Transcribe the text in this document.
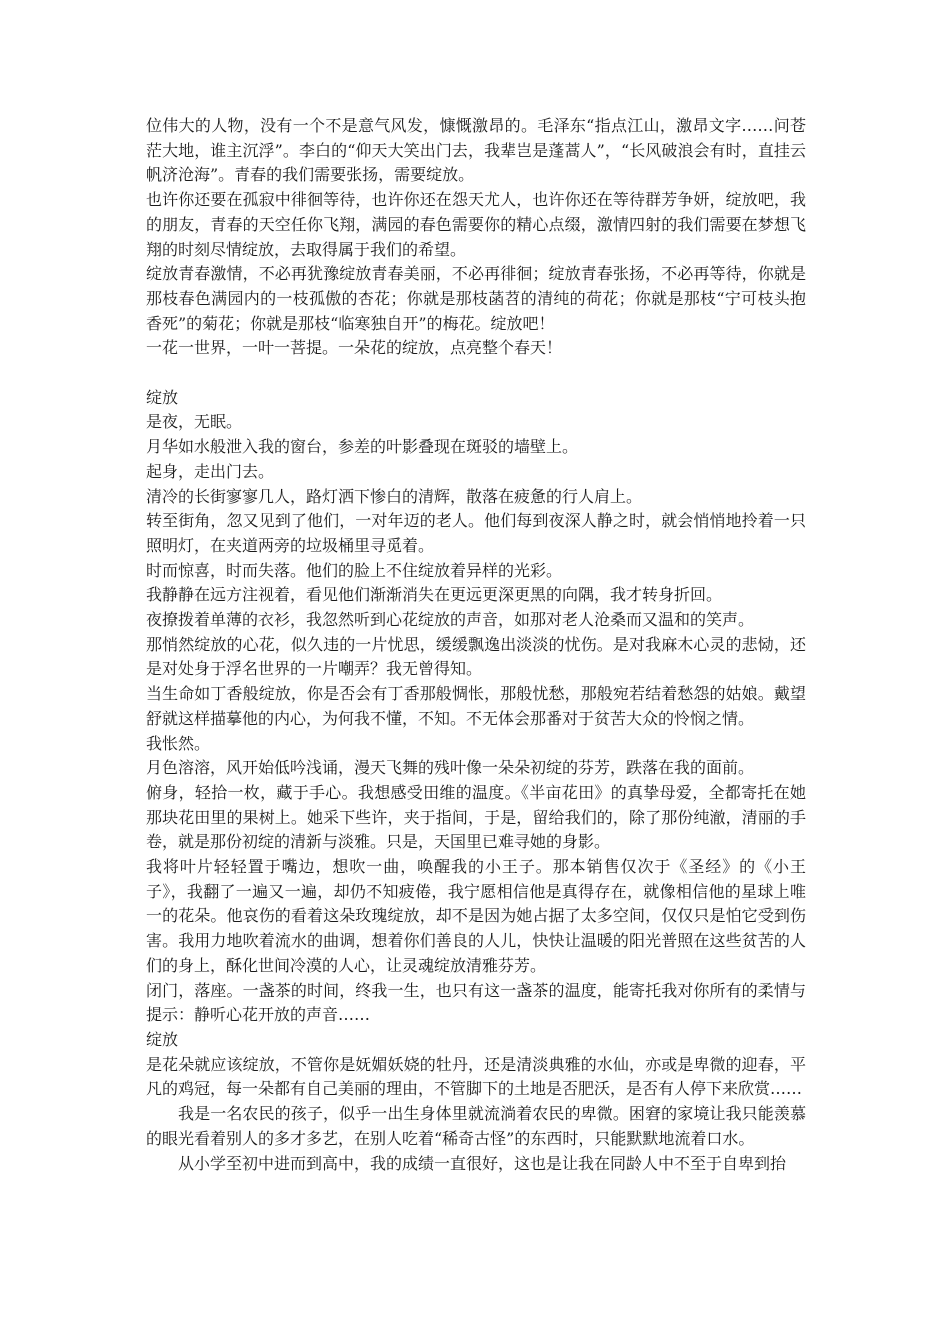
位伟大的人物，没有一个不是意气风发，慷慨激昂的。毛泽东“指点江山，激昂文字……问苍茫大地，谁主沉浮”。李白的“仰天大笑出门去，我辈岂是蓬蒿人”，“长风破浪会有时，直挂云帆济沧海”。青春的我们需要张扬，需要绽放。

也许你还要在孤寂中徘徊等待，也许你还在怨天尤人，也许你还在等待群芳争妍，绽放吧，我的朋友，青春的天空任你飞翔，满园的春色需要你的精心点缀，激情四射的我们需要在梦想飞翔的时刻尽情绽放，去取得属于我们的希望。

绽放青春激情，不必再犹豫绽放青春美丽，不必再徘徊；绽放青春张扬，不必再等待，你就是那枝春色满园内的一枝孤傲的杏花；你就是那枝菡苕的清纯的荷花；你就是那枝“宁可枝头抱香死”的菊花；你就是那枝“临寒独自开”的梅花。绽放吧！

一花一世界，一叶一菩提。一朵花的绽放，点亮整个春天！

绽放

是夜，无眠。

月华如水般泄入我的窗台，参差的叶影叠现在斑驳的墙壁上。

起身，走出门去。

清冷的长街寥寥几人，路灯洒下惨白的清辉，散落在疲惫的行人肩上。

转至街角，忽又见到了他们，一对年迈的老人。他们每到夜深人静之时，就会悄悄地拎着一只照明灯，在夹道两旁的垃圾桶里寻觅着。

时而惊喜，时而失落。他们的脸上不住绽放着异样的光彩。

我静静在远方注视着，看见他们渐渐消失在更远更深更黑的向隅，我才转身折回。

夜撩拨着单薄的衣衫，我忽然听到心花绽放的声音，如那对老人沧桑而又温和的笑声。

那悄然绽放的心花，似久违的一片忧思，缓缓飘逸出淡淡的忧伤。是对我麻木心灵的悲恸，还是对处身于浮名世界的一片嘲弄？我无曾得知。

当生命如丁香般绽放，你是否会有丁香那般惆怅，那般忧愁，那般宛若结着愁怨的姑娘。戴望舒就这样描摹他的内心，为何我不懂，不知。不无体会那番对于贫苦大众的怜悯之情。

我怅然。

月色溶溶，风开始低吟浅诵，漫天飞舞的残叶像一朵朵初绽的芬芳，跌落在我的面前。

俯身，轻拾一枚，藏于手心。我想感受田维的温度。《半亩花田》的真挚母爱，全都寄托在她那块花田里的果树上。她采下些许，夹于指间，于是，留给我们的，除了那份纯澈，清丽的手卷，就是那份初绽的清新与淡雅。只是，天国里已难寻她的身影。

我将叶片轻轻置于嘴边，想吹一曲，唤醒我的小王子。那本销售仅次于《圣经》的《小王子》，我翻了一遍又一遍，却仍不知疲倦，我宁愿相信他是真得存在，就像相信他的星球上唯一的花朵。他哀伤的看着这朵玫瑰绽放，却不是因为她占据了太多空间，仅仅只是怕它受到伤害。我用力地吹着流水的曲调，想着你们善良的人儿，快快让温暖的阳光普照在这些贫苦的人们的身上，酥化世间冷漠的人心，让灵魂绽放清雅芬芳。

闭门，落座。一盏茶的时间，终我一生，也只有这一盏茶的温度，能寄托我对你所有的柔情与提示：静听心花开放的声音……

绽放

是花朵就应该绽放，不管你是妩媚妖娆的牡丹，还是清淡典雅的水仙，亦或是卑微的迎春，平凡的鸡冠，每一朵都有自己美丽的理由，不管脚下的土地是否肥沃，是否有人停下来欣赏……

我是一名农民的孩子，似乎一出生身体里就流淌着农民的卑微。困窘的家境让我只能羡慕的眼光看着别人的多才多艺，在别人吃着“稀奇古怪”的东西时，只能默默地流着口水。

从小学至初中进而到高中，我的成绩一直很好，这也是让我在同龄人中不至于自卑到抬
